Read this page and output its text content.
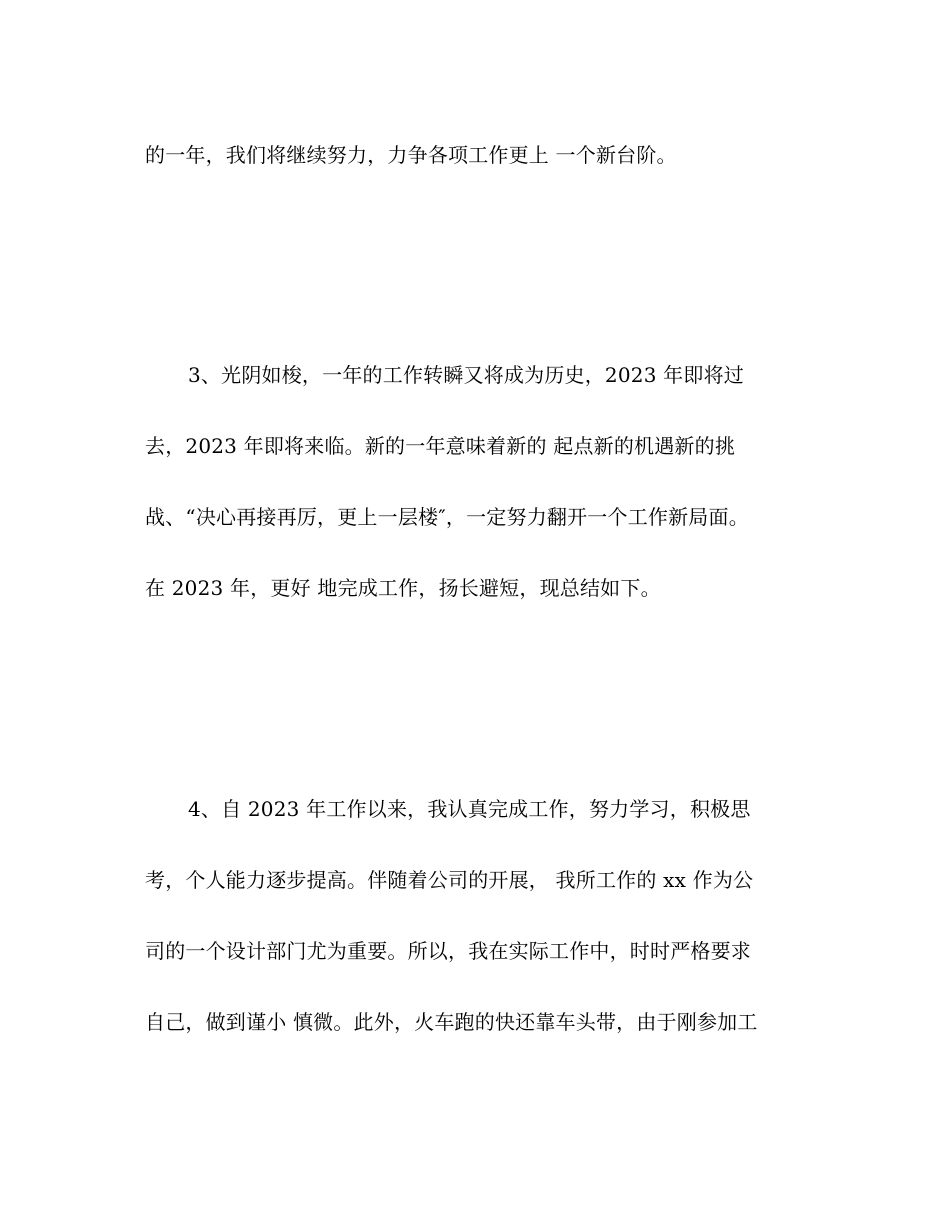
的一年，我们将继续努力，力争各项工作更上 一个新台阶。
3、光阴如梭，一年的工作转瞬又将成为历史，2023 年即将过
去，2023 年即将来临。新的一年意味着新的 起点新的机遇新的挑
战、“决心再接再厉，更上一层楼″，一定努力翻开一个工作新局面。
在 2023 年，更好 地完成工作，扬长避短，现总结如下。
4、自 2023 年工作以来，我认真完成工作，努力学习，积极思
考，个人能力逐步提高。伴随着公司的开展， 我所工作的 xx 作为公
司的一个设计部门尤为重要。所以，我在实际工作中，时时严格要求
自己，做到谨小 慎微。此外，火车跑的快还靠车头带，由于刚参加工
